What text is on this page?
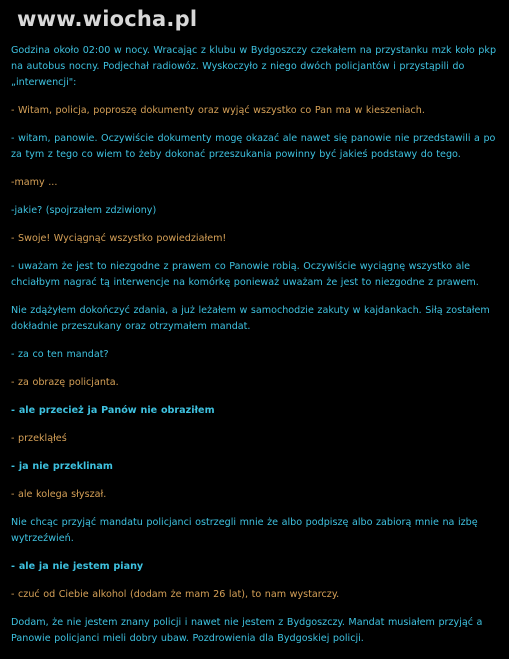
www.wiocha.pl

Godzina około 02:00 w nocy. Wracając z klubu w Bydgoszczy czekałem na przystanku mzk koło pkp na autobus nocny. Podjechał radiowóz. Wyskoczyło z niego dwóch policjantów i przystąpili do „interwencji":

- Witam, policja, poproszę dokumenty oraz wyjąć wszystko co Pan ma w kieszeniach.

- witam, panowie. Oczywiście dokumenty mogę okazać ale nawet się panowie nie przedstawili a po za tym z tego co wiem to żeby dokonać przeszukania powinny być jakieś podstawy do tego.

-mamy ...

-jakie? (spojrzałem zdziwiony)

- Swoje! Wyciągnąć wszystko powiedziałem!

- uważam że jest to niezgodne z prawem co Panowie robią. Oczywiście wyciągnę wszystko ale chciałbym nagrać tą interwencje na komórkę ponieważ uważam że jest to niezgodne z prawem.

Nie zdążyłem dokończyć zdania, a już leżałem w samochodzie zakuty w kajdankach. Siłą zostałem dokładnie przeszukany oraz otrzymałem mandat.

- za co ten mandat?

- za obrazę policjanta.

- ale przecież ja Panów nie obraziłem

- przekląłeś

- ja nie przeklinam

- ale kolega słyszał.

Nie chcąc przyjąć mandatu policjanci ostrzegli mnie że albo podpiszę albo zabiorą mnie na izbę wytrzeźwień.

- ale ja nie jestem piany

- czuć od Ciebie alkohol (dodam że mam 26 lat), to nam wystarczy.

Dodam, że nie jestem znany policji i nawet nie jestem z Bydgoszczy. Mandat musiałem przyjąć a Panowie policjanci mieli dobry ubaw. Pozdrowienia dla Bydgoskiej policji.
